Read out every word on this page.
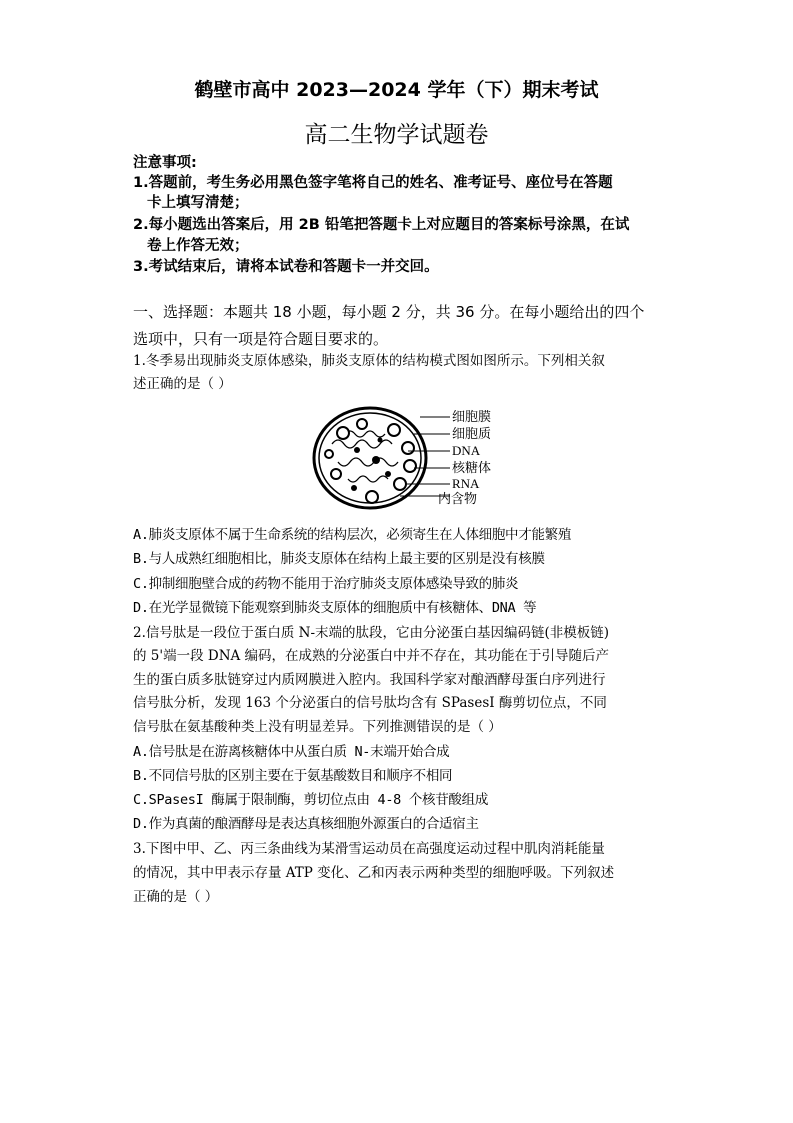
鹤壁市高中 2023—2024 学年（下）期末考试
高二生物学试题卷
注意事项:
1.答题前，考生务必用黑色签字笔将自己的姓名、准考证号、座位号在答题
卡上填写清楚；
2.每小题选出答案后，用 2B 铅笔把答题卡上对应题目的答案标号涂黑，在试
卷上作答无效；
3.考试结束后，请将本试卷和答题卡一并交回。
一、选择题：本题共 18 小题，每小题 2 分，共 36 分。在每小题给出的四个
选项中，只有一项是符合题目要求的。
1.冬季易出现肺炎支原体感染，肺炎支原体的结构模式图如图所示。下列相关叙
述正确的是（ ）
细胞膜
细胞质
DNA
核糖体
RNA
内含物
A.肺炎支原体不属于生命系统的结构层次，必须寄生在人体细胞中才能繁殖
B.与人成熟红细胞相比，肺炎支原体在结构上最主要的区别是没有核膜
C.抑制细胞壁合成的药物不能用于治疗肺炎支原体感染导致的肺炎
D.在光学显微镜下能观察到肺炎支原体的细胞质中有核糖体、DNA 等
2.信号肽是一段位于蛋白质 N-末端的肽段，它由分泌蛋白基因编码链(非模板链)
的 5'端一段 DNA 编码，在成熟的分泌蛋白中并不存在，其功能在于引导随后产
生的蛋白质多肽链穿过内质网膜进入腔内。我国科学家对酿酒酵母蛋白序列进行
信号肽分析，发现 163 个分泌蛋白的信号肽均含有 SPasesI 酶剪切位点，不同
信号肽在氨基酸种类上没有明显差异。下列推测错误的是（ ）
A.信号肽是在游离核糖体中从蛋白质 N-末端开始合成
B.不同信号肽的区别主要在于氨基酸数目和顺序不相同
C.SPasesI 酶属于限制酶，剪切位点由 4-8 个核苷酸组成
D.作为真菌的酿酒酵母是表达真核细胞外源蛋白的合适宿主
3.下图中甲、乙、丙三条曲线为某滑雪运动员在高强度运动过程中肌肉消耗能量
的情况，其中甲表示存量 ATP 变化、乙和丙表示两种类型的细胞呼吸。下列叙述
正确的是（ ）
